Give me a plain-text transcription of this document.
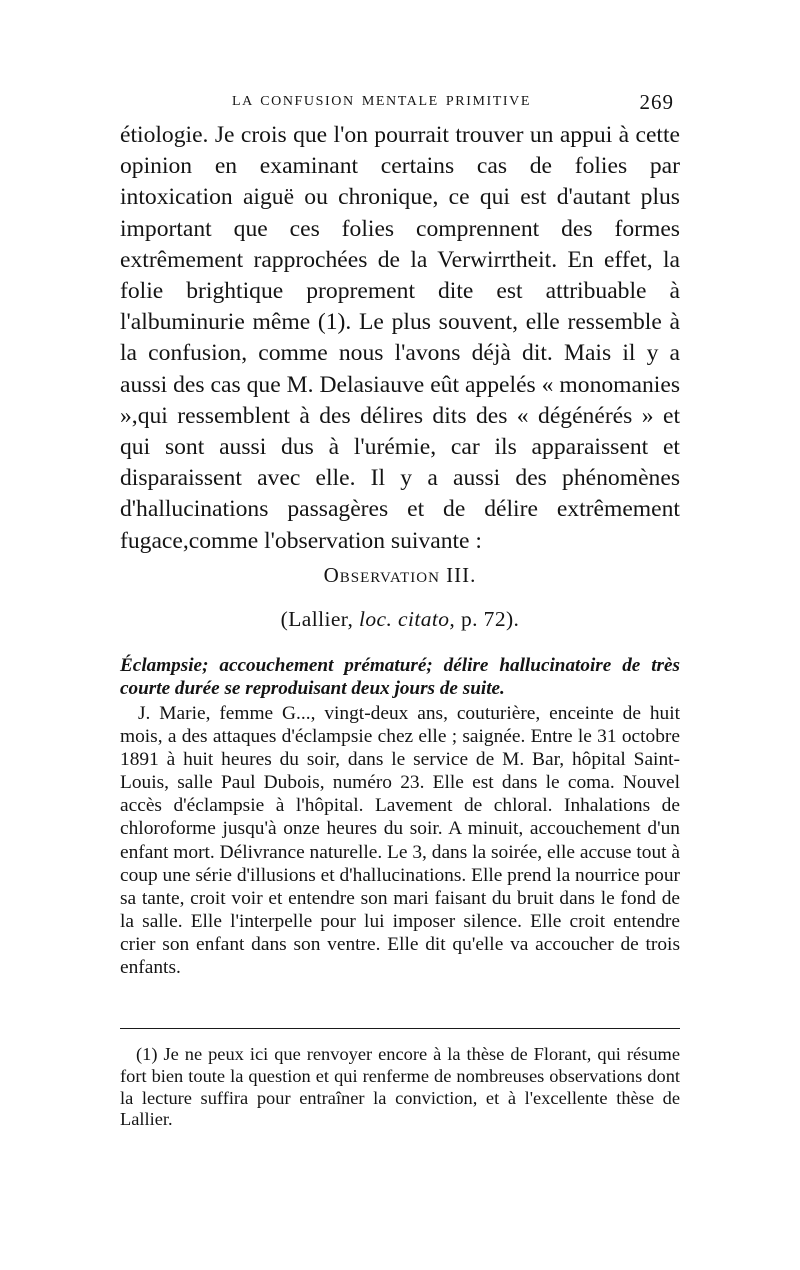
LA CONFUSION MENTALE PRIMITIVE	269

étiologie. Je crois que l'on pourrait trouver un appui à cette opinion en examinant certains cas de folies par intoxication aiguë ou chronique, ce qui est d'autant plus important que ces folies comprennent des formes extrêmement rapprochées de la Verwirrtheit. En effet, la folie brightique proprement dite est attribuable à l'albuminurie même (1). Le plus souvent, elle ressemble à la confusion, comme nous l'avons déjà dit. Mais il y a aussi des cas que M. Delasiauve eût appelés « monomanies »,qui ressemblent à des délires dits des « dégénérés » et qui sont aussi dus à l'urémie, car ils apparaissent et disparaissent avec elle. Il y a aussi des phénomènes d'hallucinations passagères et de délire extrêmement fugace,comme l'observation suivante :

Observation III.
(Lallier, loc. citato, p. 72).

Éclampsie; accouchement prématuré; délire hallucinatoire de très courte durée se reproduisant deux jours de suite.

J. Marie, femme G..., vingt-deux ans, couturière, enceinte de huit mois, a des attaques d'éclampsie chez elle ; saignée. Entre le 31 octobre 1891 à huit heures du soir, dans le service de M. Bar, hôpital Saint-Louis, salle Paul Dubois, numéro 23. Elle est dans le coma. Nouvel accès d'éclampsie à l'hôpital. Lavement de chloral. Inhalations de chloroforme jusqu'à onze heures du soir. A minuit, accouchement d'un enfant mort. Délivrance naturelle. Le 3, dans la soirée, elle accuse tout à coup une série d'illusions et d'hallucinations. Elle prend la nourrice pour sa tante, croit voir et entendre son mari faisant du bruit dans le fond de la salle. Elle l'interpelle pour lui imposer silence. Elle croit entendre crier son enfant dans son ventre. Elle dit qu'elle va accoucher de trois enfants.

(1) Je ne peux ici que renvoyer encore à la thèse de Florant, qui résume fort bien toute la question et qui renferme de nombreuses observations dont la lecture suffira pour entraîner la conviction, et à l'excellente thèse de Lallier.
